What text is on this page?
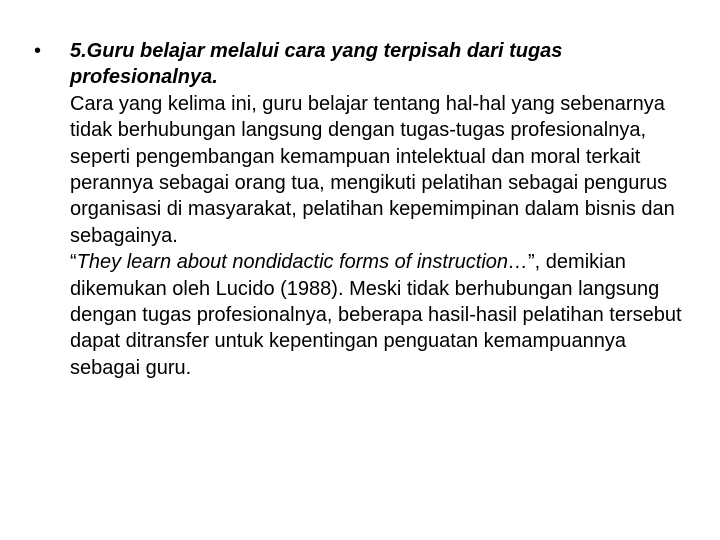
•	5.Guru belajar melalui cara yang terpisah dari tugas profesionalnya.

Cara yang kelima ini, guru belajar tentang hal-hal yang sebenarnya tidak berhubungan langsung dengan tugas-tugas profesionalnya, seperti pengembangan kemampuan intelektual dan moral terkait perannya sebagai orang tua, mengikuti pelatihan sebagai pengurus organisasi di masyarakat, pelatihan kepemimpinan dalam bisnis dan sebagainya.
“They learn about nondidactic forms of instruction…”, demikian dikemukan oleh Lucido (1988). Meski tidak berhubungan langsung dengan tugas profesionalnya, beberapa hasil-hasil pelatihan tersebut dapat ditransfer untuk kepentingan penguatan kemampuannya sebagai guru.
